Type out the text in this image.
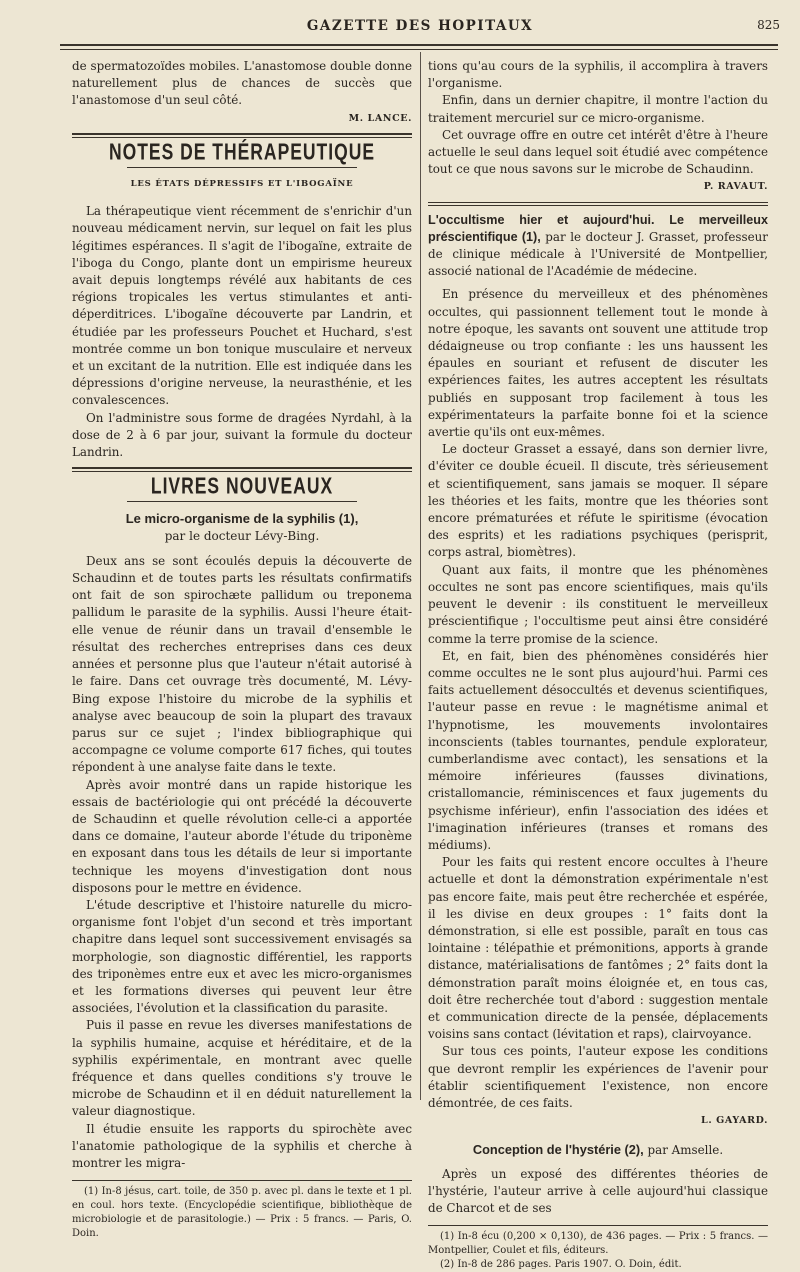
GAZETTE DES HOPITAUX	825

de spermatozoïdes mobiles. L'anastomose double donne naturellement plus de chances de succès que l'anastomose d'un seul côté.

M. LANCE.

NOTES DE THÉRAPEUTIQUE
LES ÉTATS DÉPRESSIFS ET L'IBOGAÏNE

La thérapeutique vient récemment de s'enrichir d'un nouveau médicament nervin, sur lequel on fait les plus légitimes espérances. Il s'agit de l'ibogaïne, extraite de l'iboga du Congo, plante dont un empirisme heureux avait depuis longtemps révélé aux habitants de ces régions tropicales les vertus stimulantes et anti-déperditrices. L'ibogaïne découverte par Landrin, et étudiée par les professeurs Pouchet et Huchard, s'est montrée comme un bon tonique musculaire et nerveux et un excitant de la nutrition. Elle est indiquée dans les dépressions d'origine nerveuse, la neurasthénie, et les convalescences.

On l'administre sous forme de dragées Nyrdahl, à la dose de 2 à 6 par jour, suivant la formule du docteur Landrin.

LIVRES NOUVEAUX
Le micro-organisme de la syphilis (1),
par le docteur Lévy-Bing.

Deux ans se sont écoulés depuis la découverte de Schaudinn et de toutes parts les résultats confirmatifs ont fait de son spirochæte pallidum ou treponema pallidum le parasite de la syphilis. Aussi l'heure était-elle venue de réunir dans un travail d'ensemble le résultat des recherches entreprises dans ces deux années et personne plus que l'auteur n'était autorisé à le faire. Dans cet ouvrage très documenté, M. Lévy-Bing expose l'histoire du microbe de la syphilis et analyse avec beaucoup de soin la plupart des travaux parus sur ce sujet ; l'index bibliographique qui accompagne ce volume comporte 617 fiches, qui toutes répondent à une analyse faite dans le texte.

Après avoir montré dans un rapide historique les essais de bactériologie qui ont précédé la découverte de Schaudinn et quelle révolution celle-ci a apportée dans ce domaine, l'auteur aborde l'étude du triponème en exposant dans tous les détails de leur si importante technique les moyens d'investigation dont nous disposons pour le mettre en évidence.

L'étude descriptive et l'histoire naturelle du micro-organisme font l'objet d'un second et très important chapitre dans lequel sont successivement envisagés sa morphologie, son diagnostic différentiel, les rapports des triponèmes entre eux et avec les micro-organismes et les formations diverses qui peuvent leur être associées, l'évolution et la classification du parasite.

Puis il passe en revue les diverses manifestations de la syphilis humaine, acquise et héréditaire, et de la syphilis expérimentale, en montrant avec quelle fréquence et dans quelles conditions s'y trouve le microbe de Schaudinn et il en déduit naturellement la valeur diagnostique.

Il étudie ensuite les rapports du spirochète avec l'anatomie pathologique de la syphilis et cherche à montrer les migra-

(1) In-8 jésus, cart. toile, de 350 p. avec pl. dans le texte et 1 pl. en coul. hors texte. (Encyclopédie scientifique, bibliothèque de microbiologie et de parasitologie.) — Prix : 5 francs. — Paris, O. Doin.

tions qu'au cours de la syphilis, il accomplira à travers l'organisme.

Enfin, dans un dernier chapitre, il montre l'action du traitement mercuriel sur ce micro-organisme.

Cet ouvrage offre en outre cet intérêt d'être à l'heure actuelle le seul dans lequel soit étudié avec compétence tout ce que nous savons sur le microbe de Schaudinn.

P. RAVAUT.

L'occultisme hier et aujourd'hui. Le merveilleux préscientifique (1), par le docteur J. Grasset, professeur de clinique médicale à l'Université de Montpellier, associé national de l'Académie de médecine.

En présence du merveilleux et des phénomènes occultes, qui passionnent tellement tout le monde à notre époque, les savants ont souvent une attitude trop dédaigneuse ou trop confiante : les uns haussent les épaules en souriant et refusent de discuter les expériences faites, les autres acceptent les résultats publiés en supposant trop facilement à tous les expérimentateurs la parfaite bonne foi et la science avertie qu'ils ont eux-mêmes.

Le docteur Grasset a essayé, dans son dernier livre, d'éviter ce double écueil. Il discute, très sérieusement et scientifiquement, sans jamais se moquer. Il sépare les théories et les faits, montre que les théories sont encore prématurées et réfute le spiritisme (évocation des esprits) et les radiations psychiques (perisprit, corps astral, biomètres).

Quant aux faits, il montre que les phénomènes occultes ne sont pas encore scientifiques, mais qu'ils peuvent le devenir : ils constituent le merveilleux préscientifique ; l'occultisme peut ainsi être considéré comme la terre promise de la science.

Et, en fait, bien des phénomènes considérés hier comme occultes ne le sont plus aujourd'hui. Parmi ces faits actuellement désoccultés et devenus scientifiques, l'auteur passe en revue : le magnétisme animal et l'hypnotisme, les mouvements involontaires inconscients (tables tournantes, pendule explorateur, cumberlandisme avec contact), les sensations et la mémoire inférieures (fausses divinations, cristallomancie, réminiscences et faux jugements du psychisme inférieur), enfin l'association des idées et l'imagination inférieures (transes et romans des médiums).

Pour les faits qui restent encore occultes à l'heure actuelle et dont la démonstration expérimentale n'est pas encore faite, mais peut être recherchée et espérée, il les divise en deux groupes : 1° faits dont la démonstration, si elle est possible, paraît en tous cas lointaine : télépathie et prémonitions, apports à grande distance, matérialisations de fantômes ; 2° faits dont la démonstration paraît moins éloignée et, en tous cas, doit être recherchée tout d'abord : suggestion mentale et communication directe de la pensée, déplacements voisins sans contact (lévitation et raps), clairvoyance.

Sur tous ces points, l'auteur expose les conditions que devront remplir les expériences de l'avenir pour établir scientifiquement l'existence, non encore démontrée, de ces faits.

L. GAYARD.

Conception de l'hystérie (2), par Amselle.

Après un exposé des différentes théories de l'hystérie, l'auteur arrive à celle aujourd'hui classique de Charcot et de ses

(1) In-8 écu (0,200 × 0,130), de 436 pages. — Prix : 5 francs. — Montpellier, Coulet et fils, éditeurs.

(2) In-8 de 286 pages. Paris 1907. O. Doin, édit.
